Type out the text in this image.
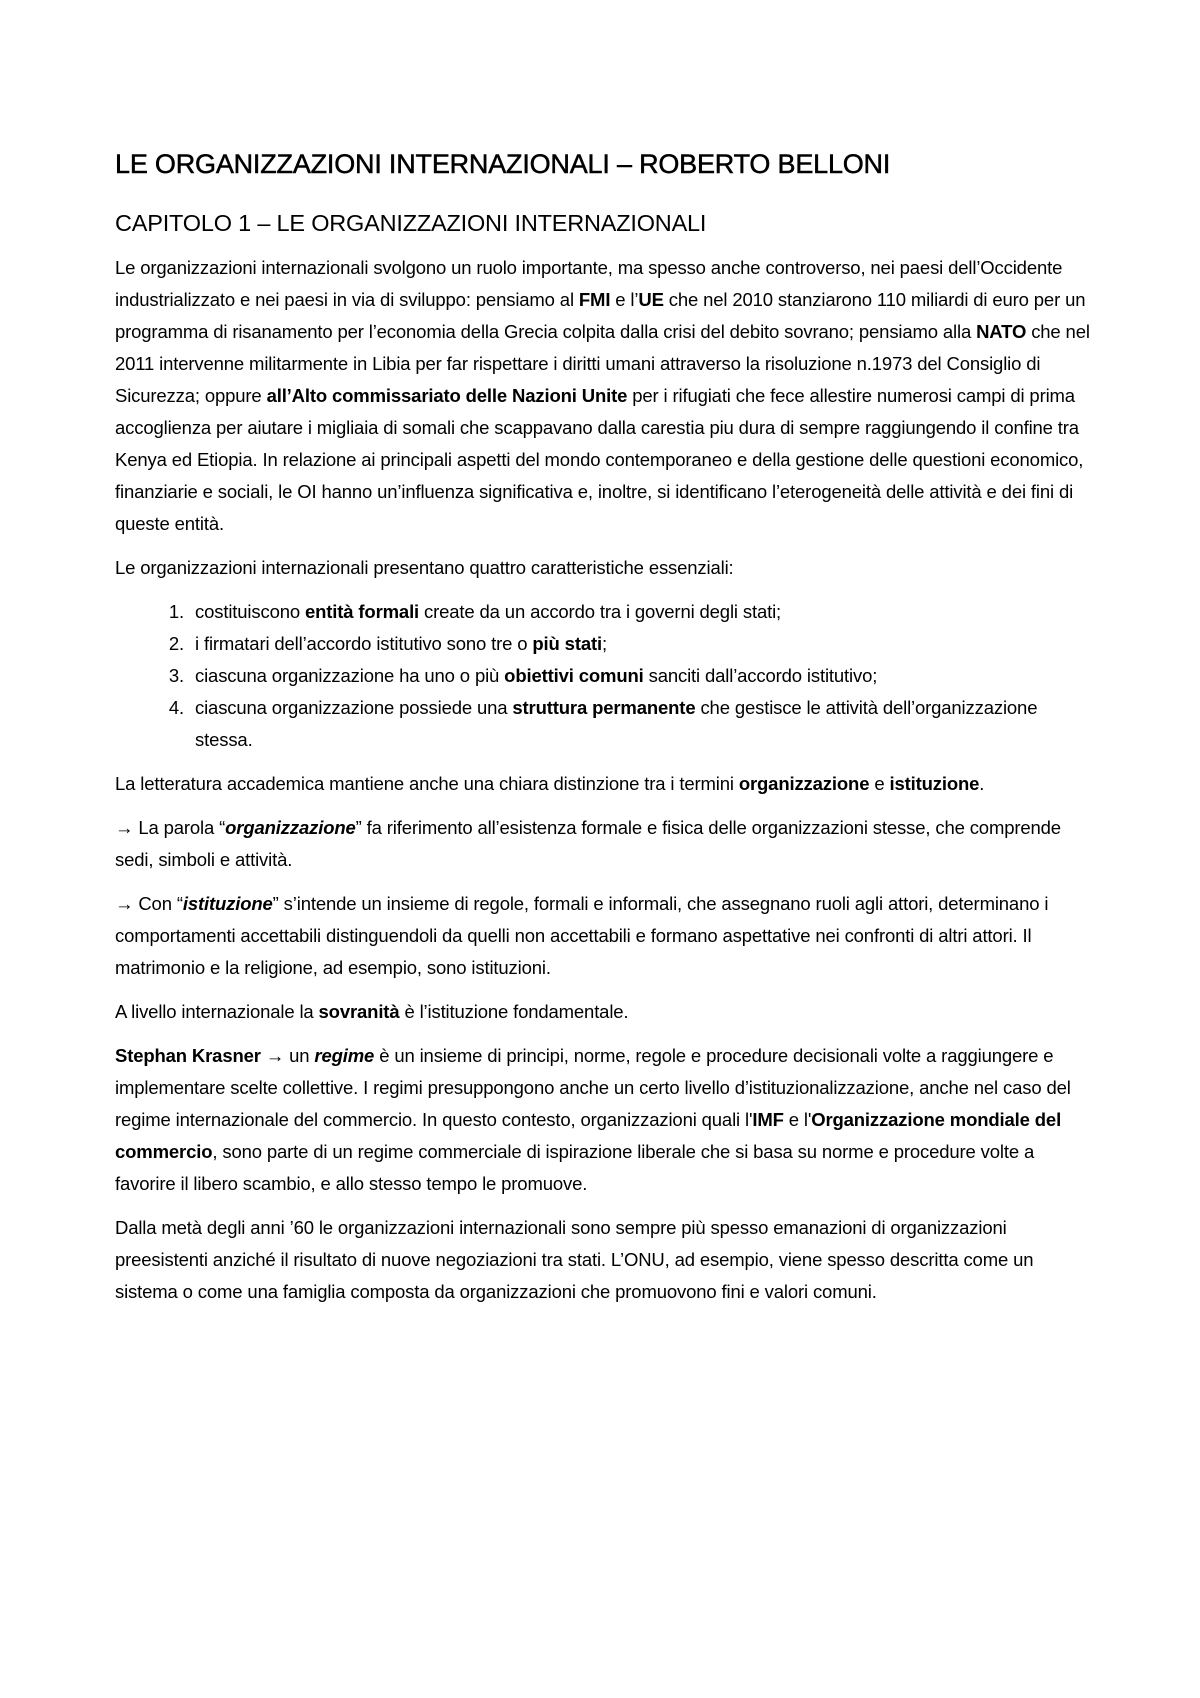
LE ORGANIZZAZIONI INTERNAZIONALI – ROBERTO BELLONI
CAPITOLO 1 – LE ORGANIZZAZIONI INTERNAZIONALI

Le organizzazioni internazionali svolgono un ruolo importante, ma spesso anche controverso, nei paesi dell’Occidente industrializzato e nei paesi in via di sviluppo: pensiamo al FMI e l’UE che nel 2010 stanziarono 110 miliardi di euro per un programma di risanamento per l’economia della Grecia colpita dalla crisi del debito sovrano; pensiamo alla NATO che nel 2011 intervenne militarmente in Libia per far rispettare i diritti umani attraverso la risoluzione n.1973 del Consiglio di Sicurezza; oppure all’Alto commissariato delle Nazioni Unite per i rifugiati che fece allestire numerosi campi di prima accoglienza per aiutare i migliaia di somali che scappavano dalla carestia piu dura di sempre raggiungendo il confine tra Kenya ed Etiopia. In relazione ai principali aspetti del mondo contemporaneo e della gestione delle questioni economico, finanziarie e sociali, le OI hanno un’influenza significativa e, inoltre, si identificano l’eterogeneità delle attività e dei fini di queste entità.

Le organizzazioni internazionali presentano quattro caratteristiche essenziali:

1. costituiscono entità formali create da un accordo tra i governi degli stati;
2. i firmatari dell’accordo istitutivo sono tre o più stati;
3. ciascuna organizzazione ha uno o più obiettivi comuni sanciti dall’accordo istitutivo;
4. ciascuna organizzazione possiede una struttura permanente che gestisce le attività dell’organizzazione stessa.

La letteratura accademica mantiene anche una chiara distinzione tra i termini organizzazione e istituzione.

→ La parola “organizzazione” fa riferimento all’esistenza formale e fisica delle organizzazioni stesse, che comprende sedi, simboli e attività.

→ Con “istituzione” s’intende un insieme di regole, formali e informali, che assegnano ruoli agli attori, determinano i comportamenti accettabili distinguendoli da quelli non accettabili e formano aspettative nei confronti di altri attori. Il matrimonio e la religione, ad esempio, sono istituzioni.

A livello internazionale la sovranità è l’istituzione fondamentale.

Stephan Krasner → un regime è un insieme di principi, norme, regole e procedure decisionali volte a raggiungere e implementare scelte collettive. I regimi presuppongono anche un certo livello d’istituzionalizzazione, anche nel caso del regime internazionale del commercio. In questo contesto, organizzazioni quali l'IMF e l'Organizzazione mondiale del commercio, sono parte di un regime commerciale di ispirazione liberale che si basa su norme e procedure volte a favorire il libero scambio, e allo stesso tempo le promuove.

Dalla metà degli anni ’60 le organizzazioni internazionali sono sempre più spesso emanazioni di organizzazioni preesistenti anziché il risultato di nuove negoziazioni tra stati. L’ONU, ad esempio, viene spesso descritta come un sistema o come una famiglia composta da organizzazioni che promuovono fini e valori comuni.
